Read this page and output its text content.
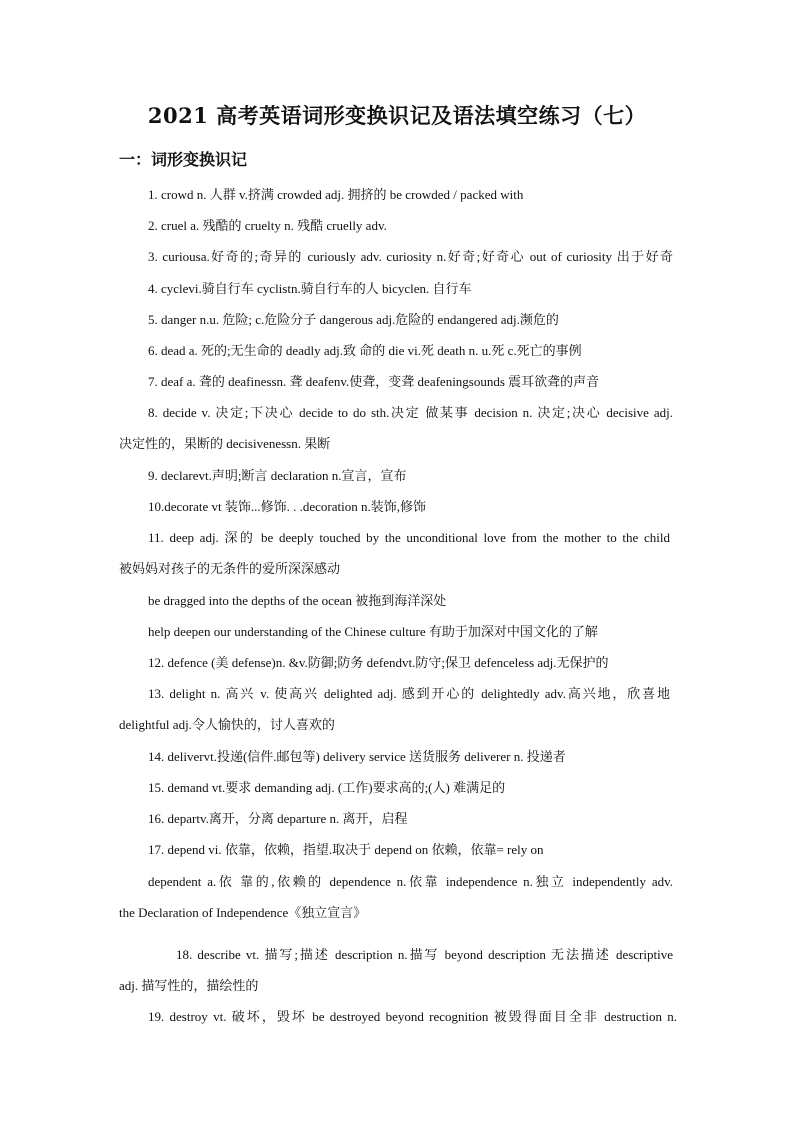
2021 高考英语词形变换识记及语法填空练习（七）
一：词形变换识记
1. crowd n. 人群 v.挤满 crowded adj. 拥挤的 be crowded / packed with
2. cruel a. 残酷的 cruelty n. 残酷 cruelly adv.
3. curiousa.好奇的;奇异的 curiously adv. curiosity n.好奇;好奇心 out of curiosity 出于好奇
4. cyclevi.骑自行车 cyclistn.骑自行车的人 bicyclen. 自行车
5. danger n.u. 危险; c.危险分子 dangerous adj.危险的 endangered adj.濒危的
6. dead a. 死的;无生命的 deadly adj.致 命的 die vi.死 death n. u.死 c.死亡的事例
7. deaf a. 聋的 deafinessn. 聋 deafenv.使聋，变聋 deafeningsounds 震耳欲聋的声音
8. decide v. 决定;下决心 decide to do sth.决定 做某事 decision n. 决定;决心 decisive adj.
决定性的，果断的 decisivenessn. 果断
9. declarevt.声明;断言 declaration n.宣言，宣布
10.decorate vt 装饰...修饰. . .decoration n.装饰,修饰
11. deep adj. 深的 be deeply touched by the unconditional love from the mother to the child
被妈妈对孩子的无条件的爱所深深感动
be dragged into the depths of the ocean 被拖到海洋深处
help deepen our understanding of the Chinese culture 有助于加深对中国文化的了解
12. defence (美 defense)n. &v.防御;防务 defendvt.防守;保卫 defenceless adj.无保护的
13. delight n. 高兴 v. 使高兴 delighted adj. 感到开心的 delightedly adv.高兴地，欣喜地
delightful adj.令人愉快的，讨人喜欢的
14. delivervt.投递(信件.邮包等) delivery service 送货服务 deliverer n. 投递者
15. demand vt.要求 demanding adj. (工作)要求高的;(人) 难满足的
16. departv.离开，分离 departure n. 离开，启程
17. depend vi. 依靠，依赖，指望.取决于 depend on 依赖，依靠= rely on
dependent a.依 靠的,依赖的 dependence n.依靠 independence n.独立 independently adv.
the Declaration of Independence《独立宣言》
18. describe vt. 描写;描述 description n.描写 beyond description 无法描述 descriptive
adj. 描写性的，描绘性的
19. destroy vt. 破坏，毁坏 be destroyed beyond recognition 被毁得面目全非 destruction n.
